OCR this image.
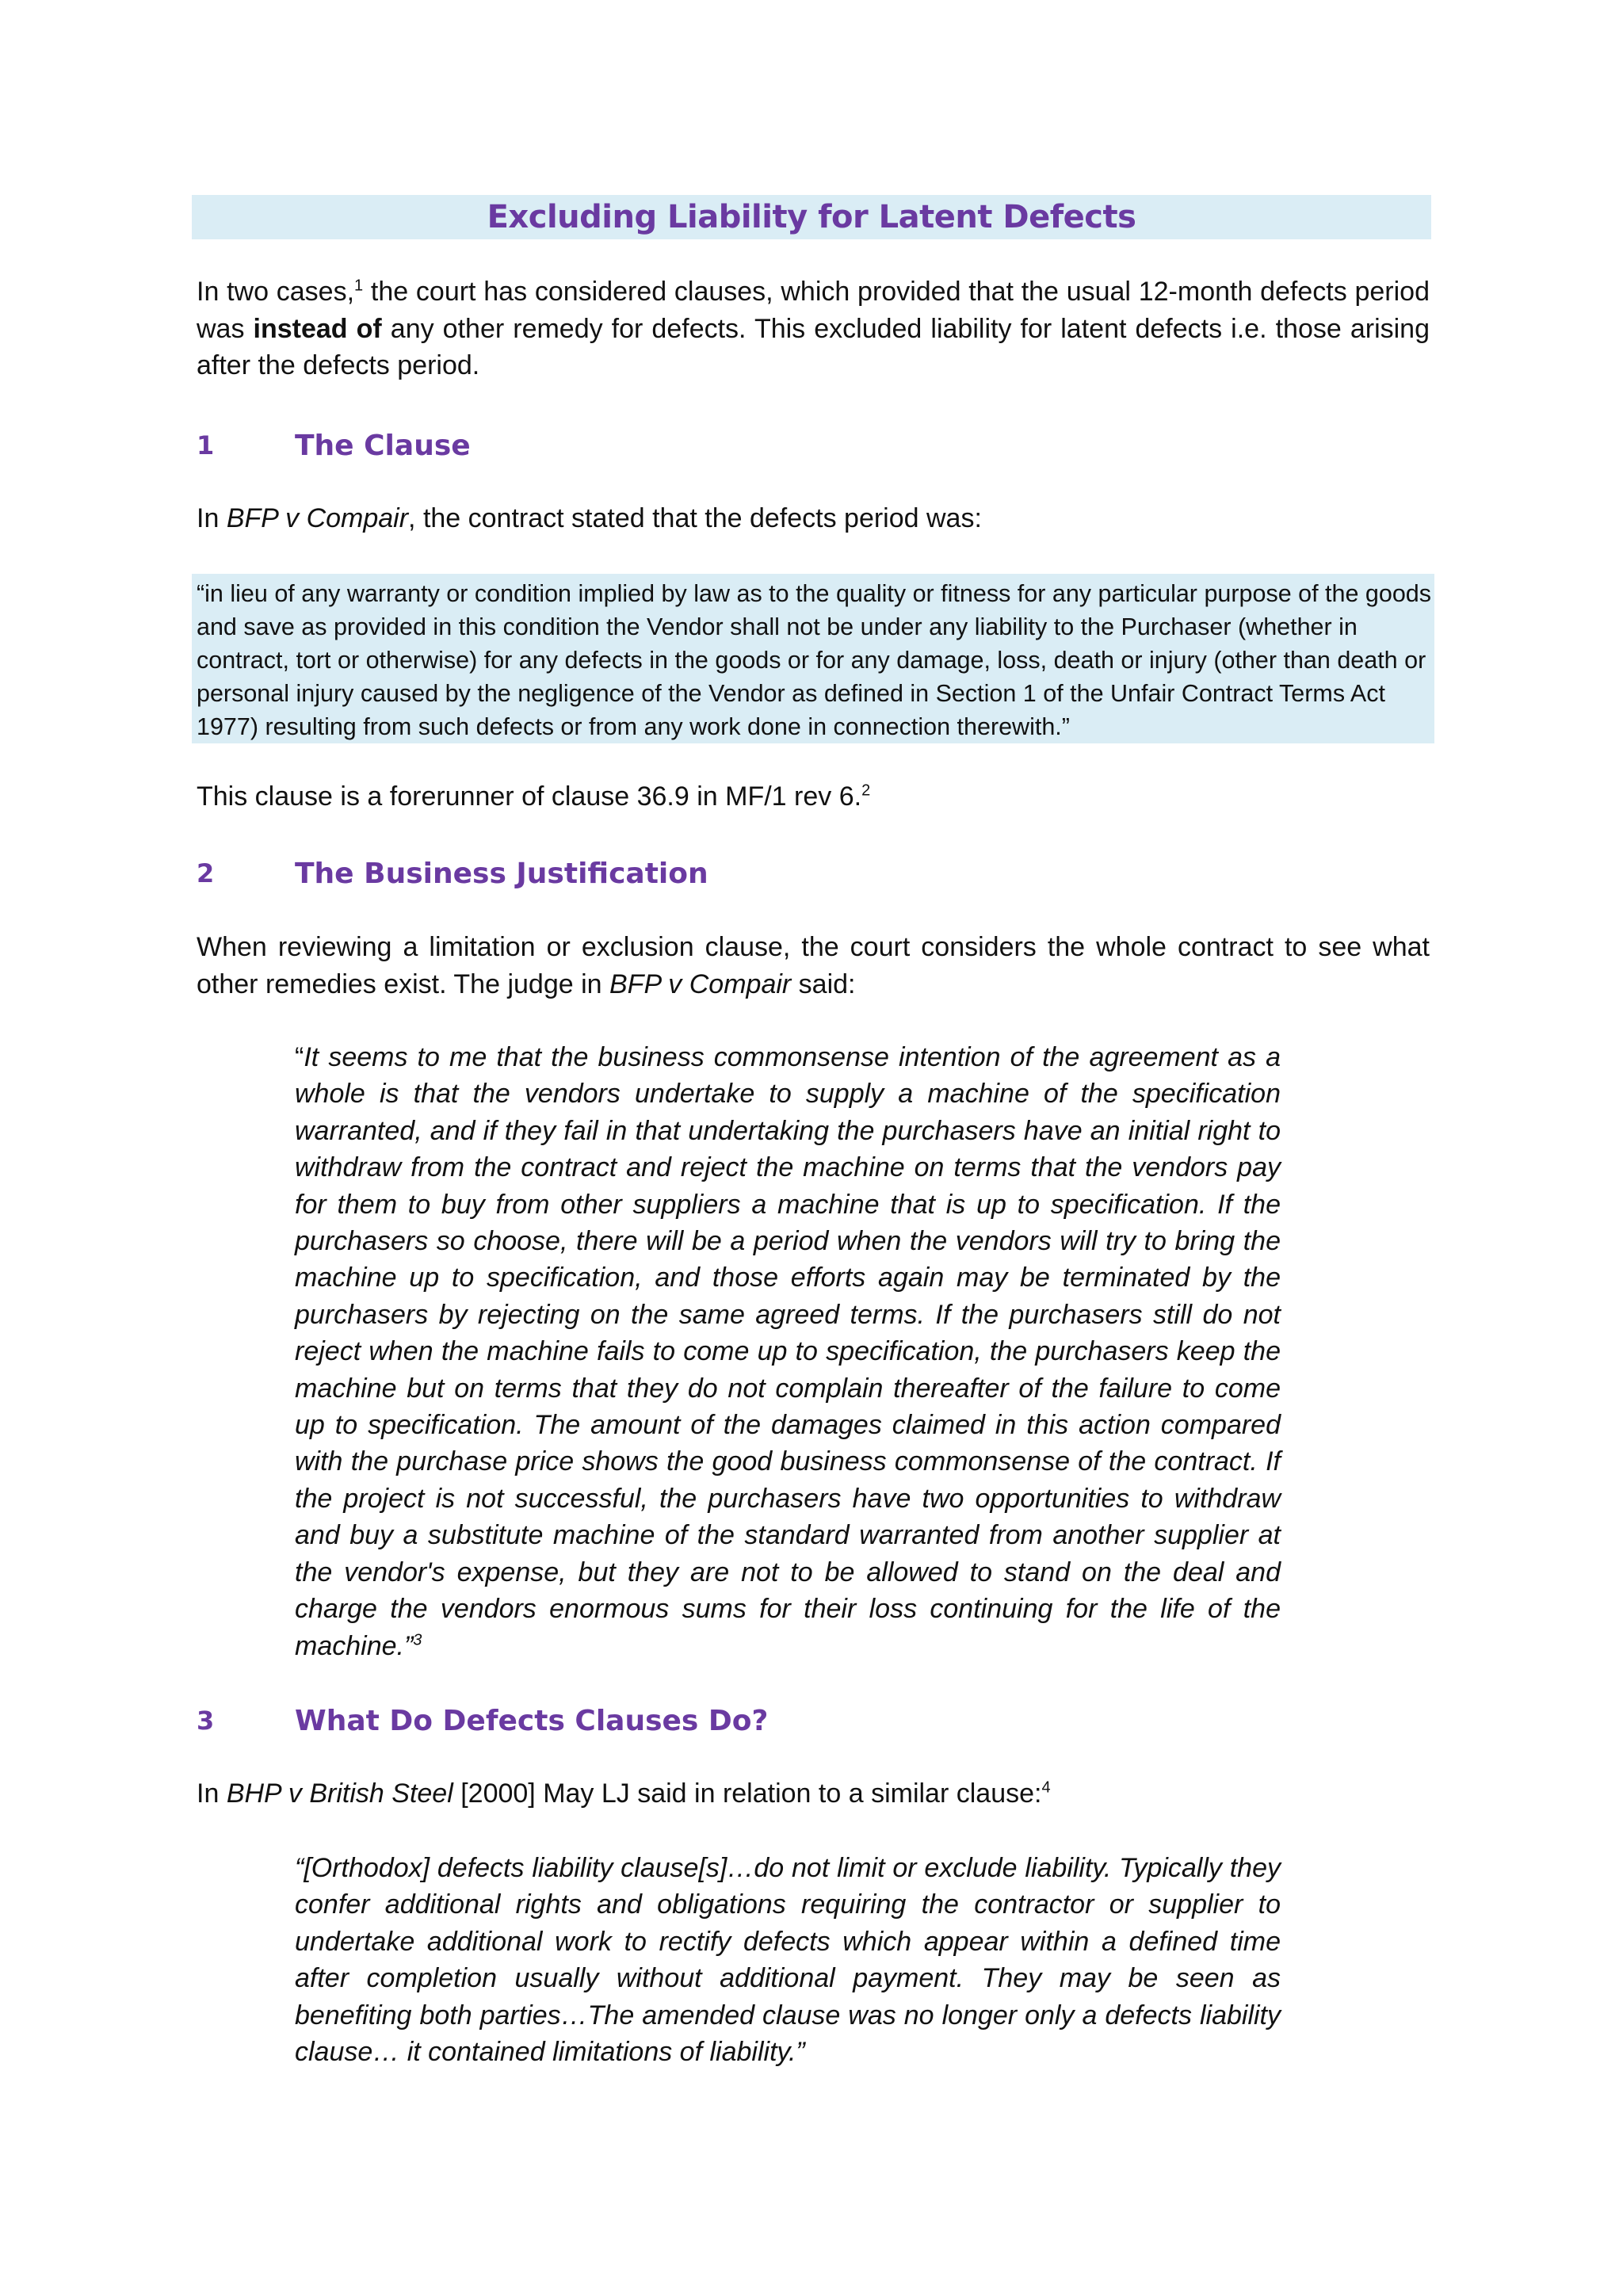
Excluding Liability for Latent Defects

In two cases,$^1$ the court has considered clauses, which provided that the usual 12-month defects period was instead of any other remedy for defects. This excluded liability for latent defects i.e. those arising after the defects period.

1	The Clause

In BFP v Compair, the contract stated that the defects period was:

“in lieu of any warranty or condition implied by law as to the quality or fitness for any particular purpose of the goods and save as provided in this condition the Vendor shall not be under any liability to the Purchaser (whether in contract, tort or otherwise) for any defects in the goods or for any damage, loss, death or injury (other than death or personal injury caused by the negligence of the Vendor as defined in Section 1 of the Unfair Contract Terms Act 1977) resulting from such defects or from any work done in connection therewith.”

This clause is a forerunner of clause 36.9 in MF/1 rev 6.$^2$

2	The Business Justification

When reviewing a limitation or exclusion clause, the court considers the whole contract to see what other remedies exist. The judge in BFP v Compair said:

“It seems to me that the business commonsense intention of the agreement as a whole is that the vendors undertake to supply a machine of the specification warranted, and if they fail in that undertaking the purchasers have an initial right to withdraw from the contract and reject the machine on terms that the vendors pay for them to buy from other suppliers a machine that is up to specification. If the purchasers so choose, there will be a period when the vendors will try to bring the machine up to specification, and those efforts again may be terminated by the purchasers by rejecting on the same agreed terms. If the purchasers still do not reject when the machine fails to come up to specification, the purchasers keep the machine but on terms that they do not complain thereafter of the failure to come up to specification. The amount of the damages claimed in this action compared with the purchase price shows the good business commonsense of the contract. If the project is not successful, the purchasers have two opportunities to withdraw and buy a substitute machine of the standard warranted from another supplier at the vendor's expense, but they are not to be allowed to stand on the deal and charge the vendors enormous sums for their loss continuing for the life of the machine.”$^3$

3	What Do Defects Clauses Do?

In BHP v British Steel [2000] May LJ said in relation to a similar clause:$^4$

“[Orthodox] defects liability clause[s]…do not limit or exclude liability. Typically they confer additional rights and obligations requiring the contractor or supplier to undertake additional work to rectify defects which appear within a defined time after completion usually without additional payment. They may be seen as benefiting both parties…The amended clause was no longer only a defects liability clause… it contained limitations of liability.”
